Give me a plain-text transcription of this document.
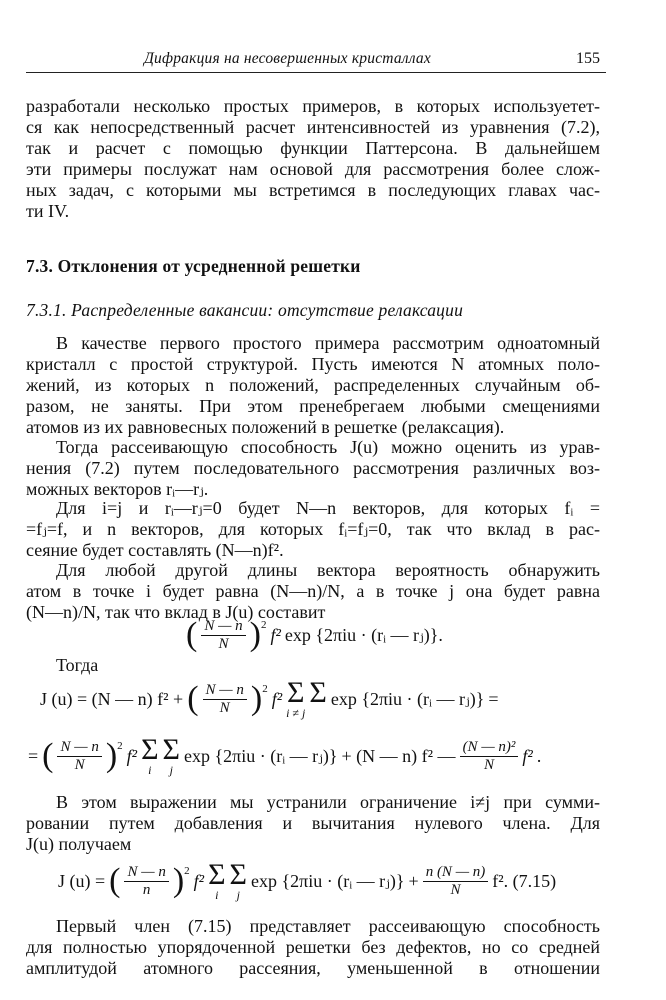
Дифракция на несовершенных кристаллах	155

разработали несколько простых примеров, в которых используетет-

ся как непосредственный расчет интенсивностей из уравнения (7.2),

так и расчет с помощью функции Паттерсона. В дальнейшем

эти примеры послужат нам основой для рассмотрения более слож-

ных задач, с которыми мы встретимся в последующих главах час-

ти IV.

7.3. Отклонения от усредненной решетки
7.3.1. Распределенные вакансии: отсутствие релаксации

В качестве первого простого примера рассмотрим одноатомный

кристалл с простой структурой. Пусть имеются N атомных поло-

жений, из которых n положений, распределенных случайным об-

разом, не заняты. При этом пренебрегаем любыми смещениями

атомов из их равновесных положений в решетке (релаксация).

Тогда рассеивающую способность J(u) можно оценить из урав-

нения (7.2) путем последовательного рассмотрения различных воз-

можных векторов rᵢ—rⱼ.

Для i=j и rᵢ—rⱼ=0 будет N—n векторов, для которых fᵢ =

=fⱼ=f, и n векторов, для которых fᵢ=fⱼ=0, так что вклад в рас-

сеяние будет составлять (N—n)f².

Для любой другой длины вектора вероятность обнаружить

атом в точке i будет равна (N—n)/N, а в точке j она будет равна

(N—n)/N, так что вклад в J(u) составит

( $\frac{N — n}{N} )^2$ f² exp {2πiu · (rᵢ — rⱼ)}.

Тогда

J (u) = (N — n) f² + ( $\frac{N — n}{N} )^2$ f² Σ
i ≠ j
Σ
exp {2πiu · (rᵢ — rⱼ)} =
= ( $\frac{N — n}{N} )^2$ f² Σ
i
Σ
j
exp {2πiu · (rᵢ — rⱼ)} + (N — n) f² — $\frac{\text{(N — n)²}}{N} f^2$ .

В этом выражении мы устранили ограничение i≠j при сумми-

ровании путем добавления и вычитания нулевого члена. Для

J(u) получаем

J (u) = ( $\frac{N — n}{n} )^2$ f² Σ
i
Σ
j
exp {2πiu · (rᵢ — rⱼ)} + $\frac{n (N — n)}{N} f^2$. (7.15)

Первый член (7.15) представляет рассеивающую способность

для полностью упорядоченной решетки без дефектов, но со средней

амплитудой атомного рассеяния, уменьшенной в отношении
